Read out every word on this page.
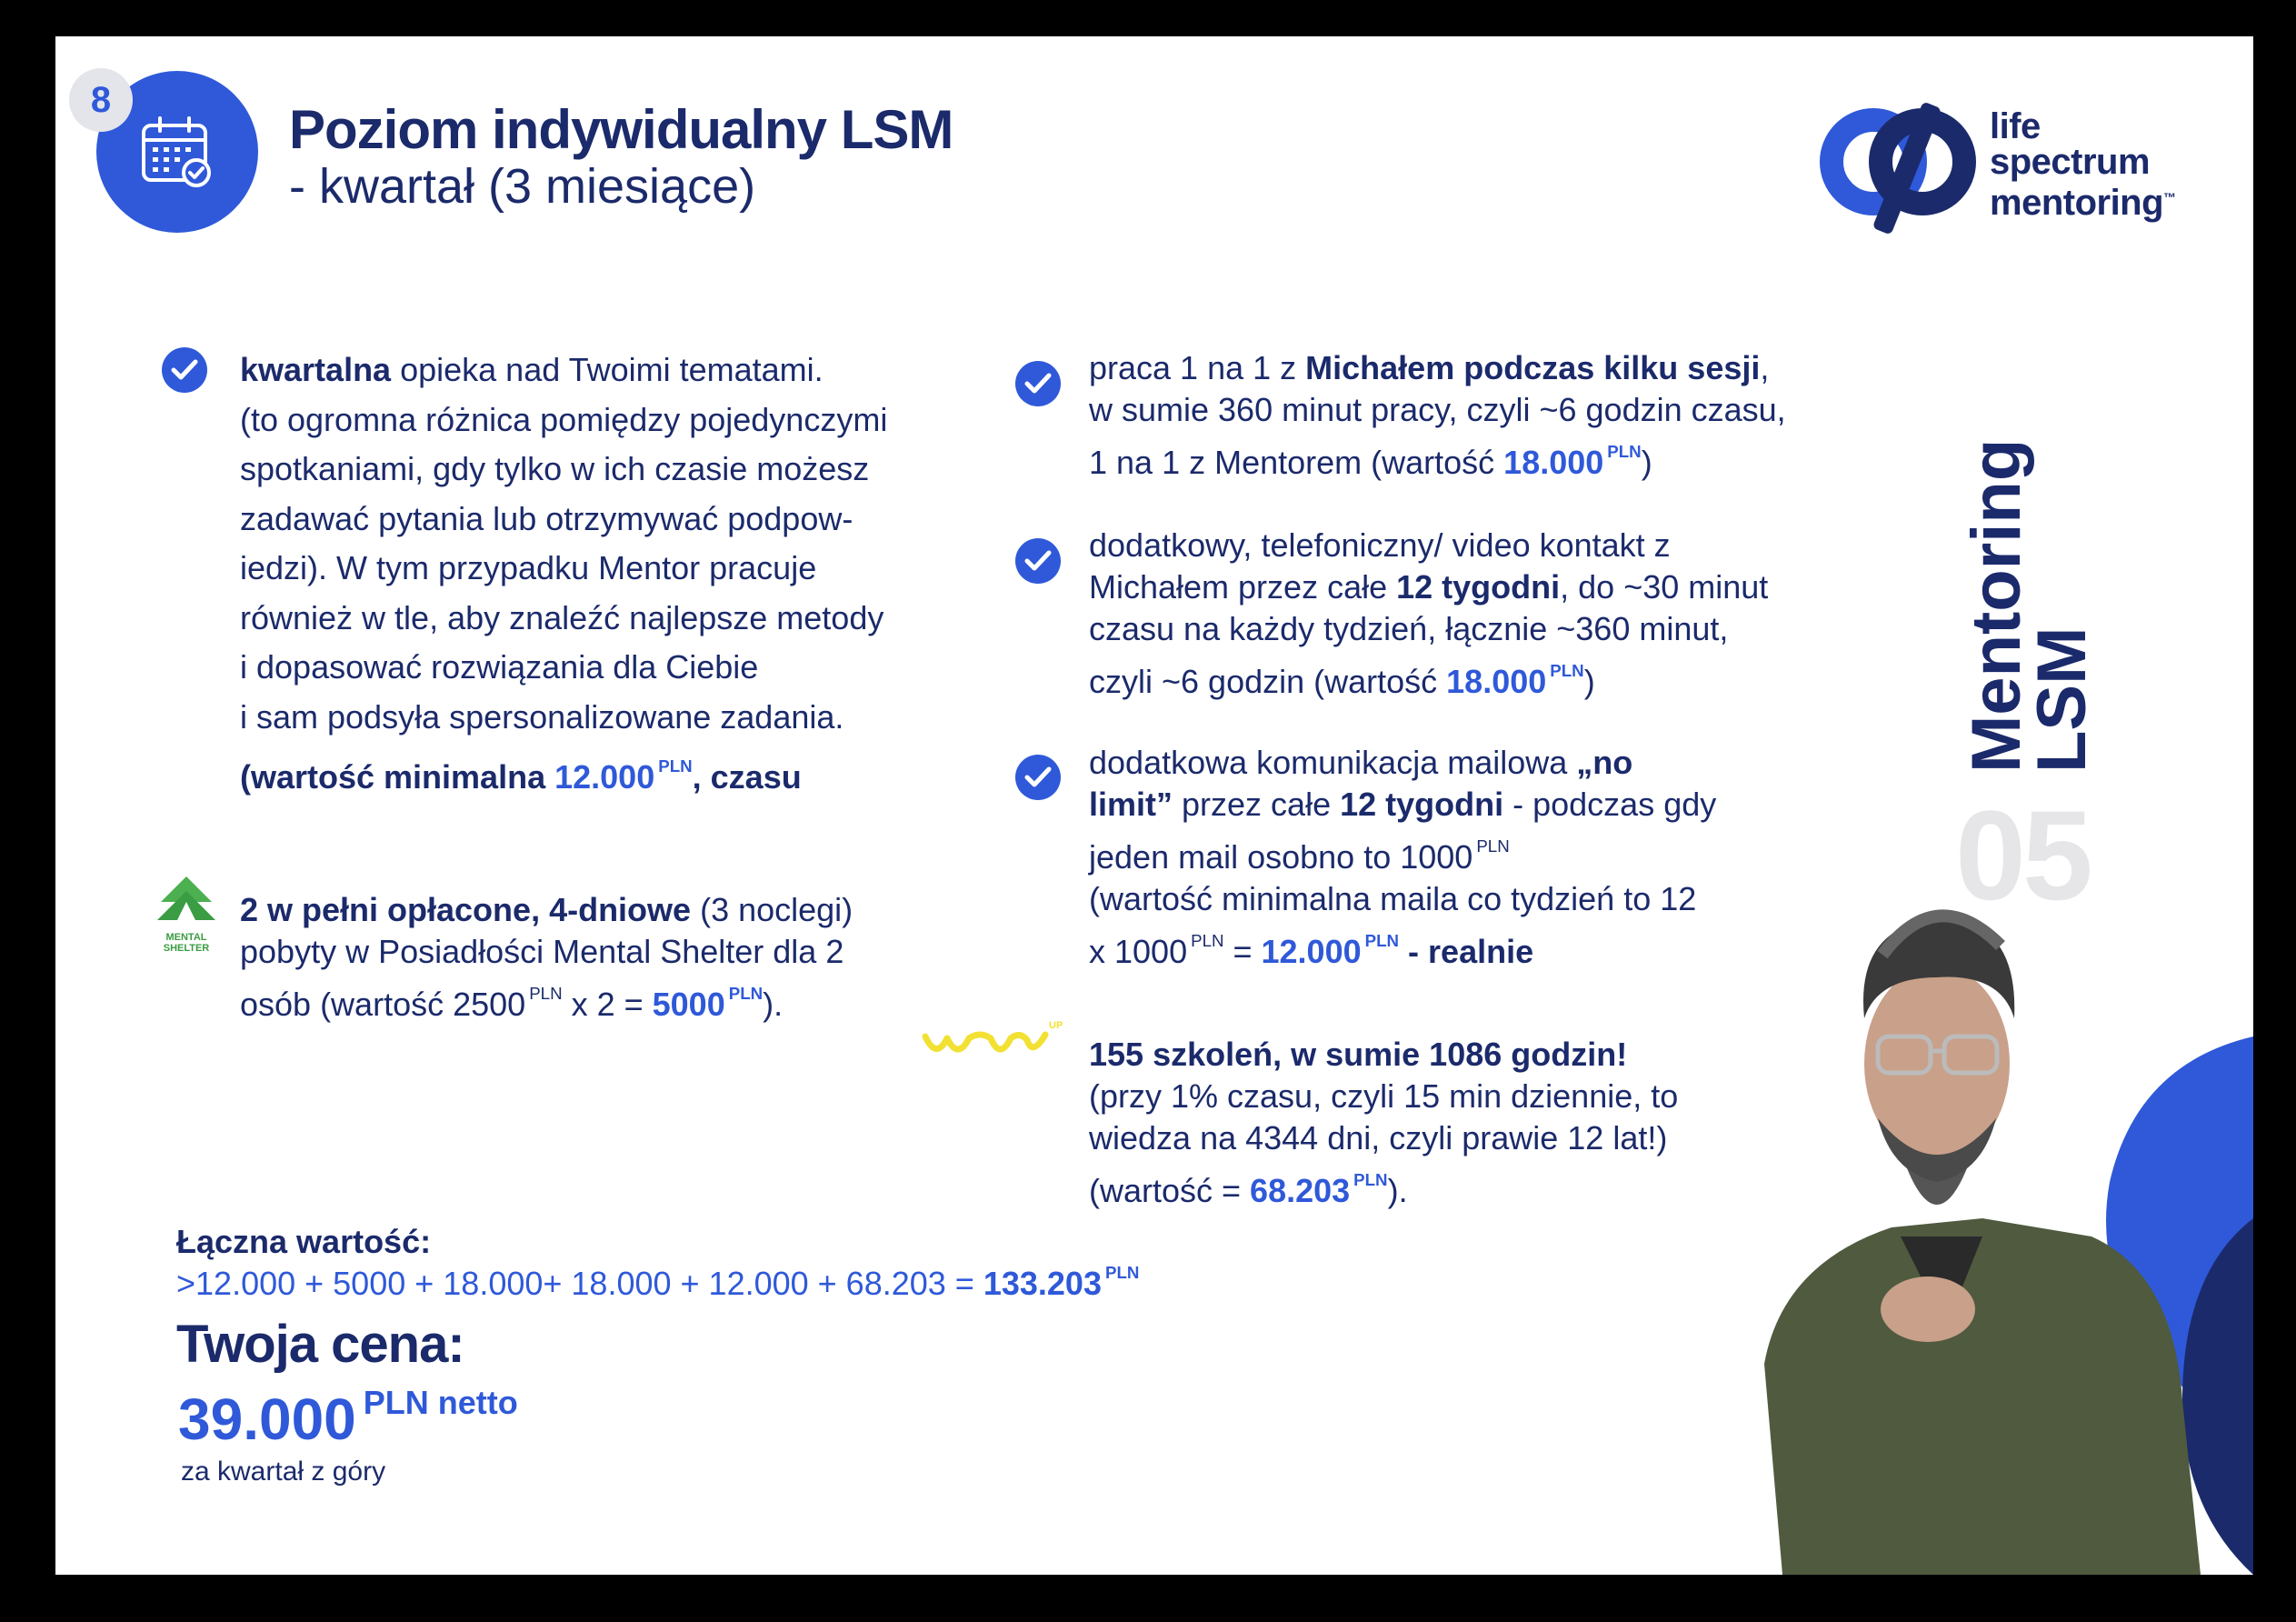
8	Poziom indywidualny LSM
- kwartał (3 miesiące)
life
spectrum
mentoring™
kwartalna opieka nad Twoimi tematami.
(to ogromna różnica pomiędzy pojedynczymi
spotkaniami, gdy tylko w ich czasie możesz
zadawać pytania lub otrzymywać podpow-
iedzi). W tym przypadku Mentor pracuje
również w tle, aby znaleźć najlepsze metody
i dopasować rozwiązania dla Ciebie
i sam podsyła spersonalizowane zadania.
(wartość minimalna 12.000 $^{PLN}$, czasu
MENTAL
SHELTER
2 w pełni opłacone, 4-dniowe (3 noclegi)
pobyty w Posiadłości Mental Shelter dla 2
osób (wartość 2500 $^{PLN}$ x 2 = 5000 $^{PLN}$).
praca 1 na 1 z Michałem podczas kilku sesji,
w sumie 360 minut pracy, czyli ~6 godzin czasu,
1 na 1 z Mentorem (wartość 18.000 $^{PLN}$)
dodatkowy, telefoniczny/ video kontakt z
Michałem przez całe 12 tygodni, do ~30 minut
czasu na każdy tydzień, łącznie ~360 minut,
czyli ~6 godzin (wartość 18.000 $^{PLN}$)
dodatkowa komunikacja mailowa „no
limit” przez całe 12 tygodni - podczas gdy
jeden mail osobno to 1000 $^{PLN}$
(wartość minimalna maila co tydzień to 12
x 1000 $^{PLN}$ = 12.000 $^{PLN}$ - realnie
UP
155 szkoleń, w sumie 1086 godzin!
(przy 1% czasu, czyli 15 min dziennie, to
wiedza na 4344 dni, czyli prawie 12 lat!)
(wartość = 68.203 $^{PLN}$).
05
Mentoring
LSM
Łączna wartość:
>12.000 + 5000 + 18.000+ 18.000 + 12.000 + 68.203 = 133.203 $^{PLN}$
Twoja cena:
39.000 $^{PLN netto}$
za kwartał z góry
